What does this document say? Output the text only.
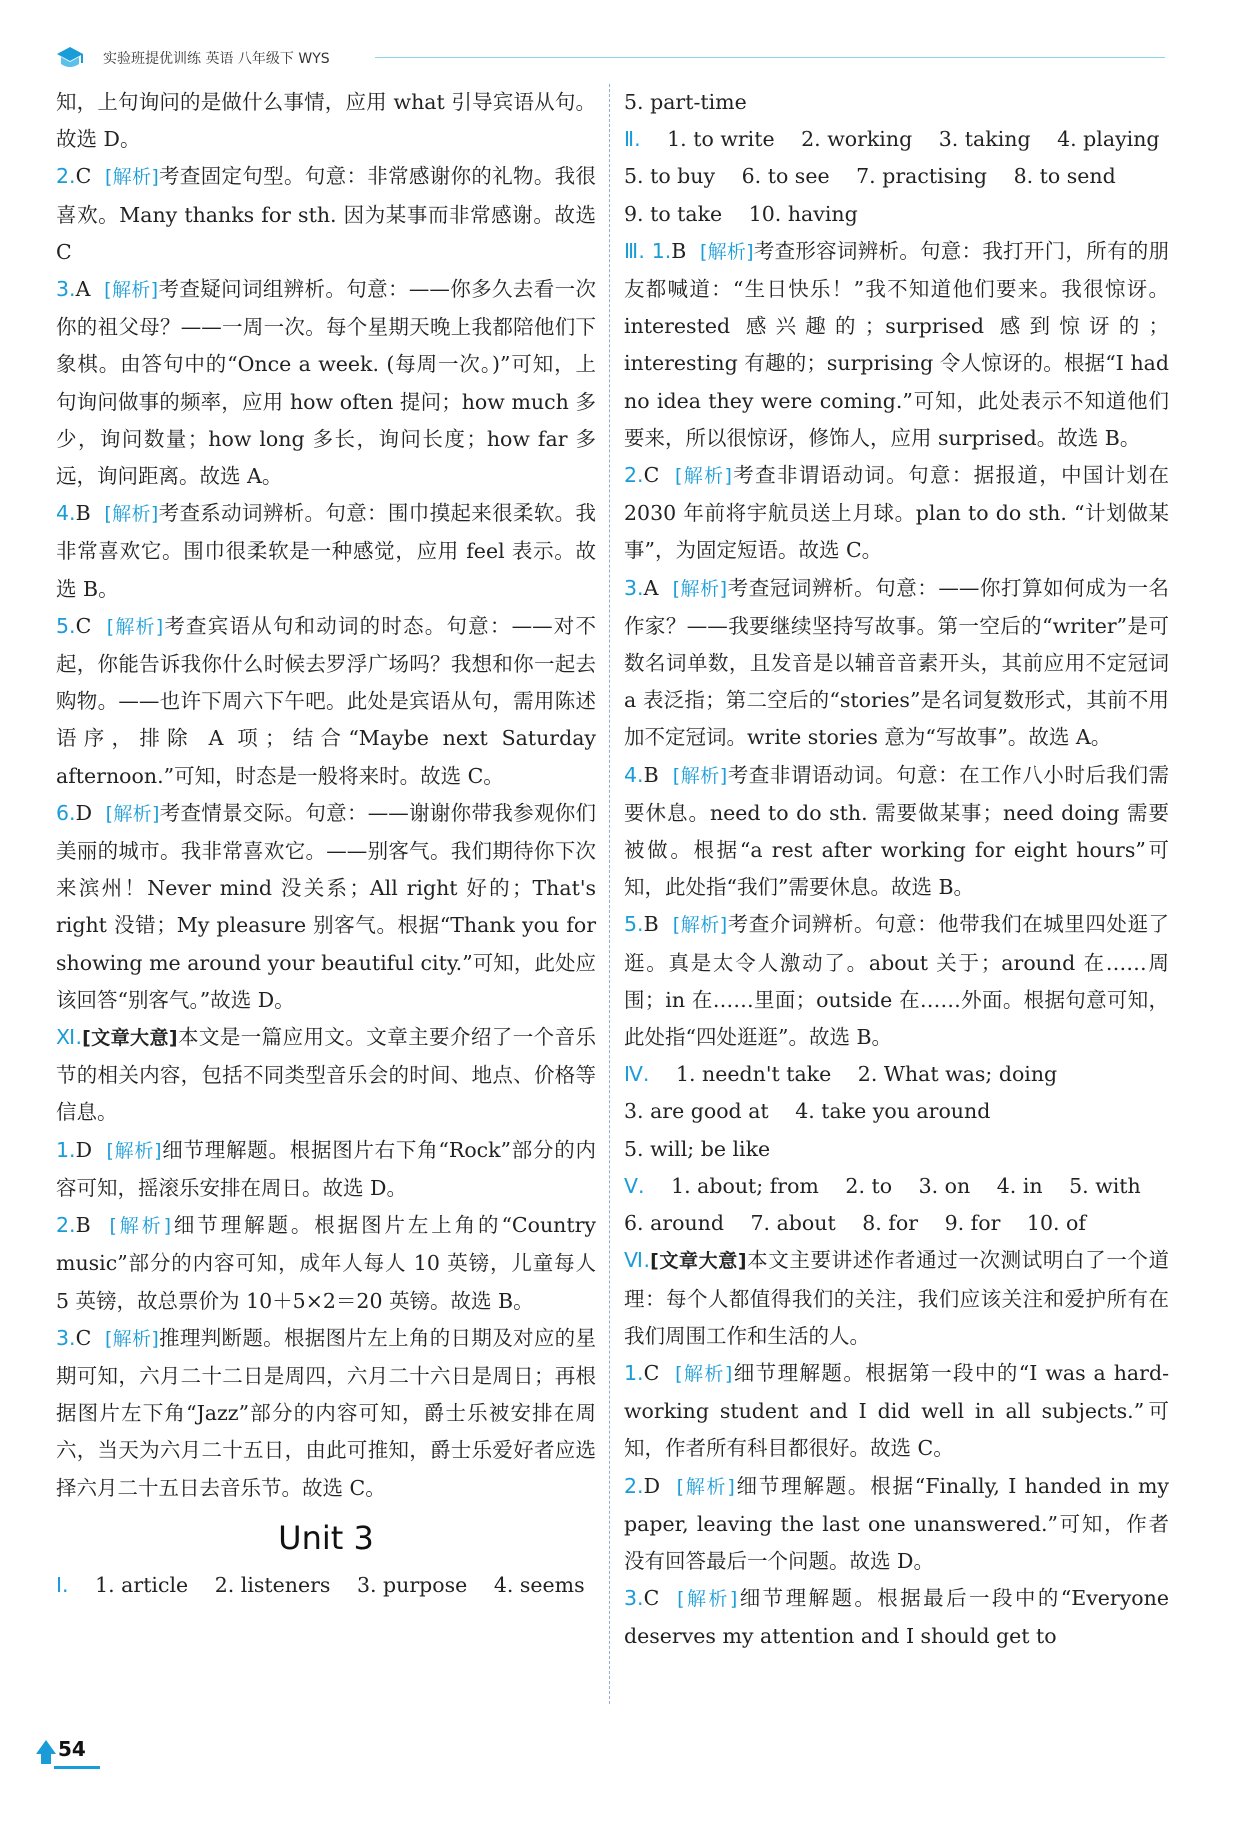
实验班提优训练 英语 八年级下 WYS

知，上句询问的是做什么事情，应用 what 引导宾语从句。故选 D。

2.C [解析]考查固定句型。句意：非常感谢你的礼物。我很喜欢。Many thanks for sth. 因为某事而非常感谢。故选 C

3.A [解析]考查疑问词组辨析。句意：——你多久去看一次你的祖父母？——一周一次。每个星期天晚上我都陪他们下象棋。由答句中的“Once a week. (每周一次。)”可知，上句询问做事的频率，应用 how often 提问；how much 多少，询问数量；how long 多长，询问长度；how far 多远，询问距离。故选 A。

4.B [解析]考查系动词辨析。句意：围巾摸起来很柔软。我非常喜欢它。围巾很柔软是一种感觉，应用 feel 表示。故选 B。

5.C [解析]考查宾语从句和动词的时态。句意：——对不起，你能告诉我你什么时候去罗浮广场吗？我想和你一起去购物。——也许下周六下午吧。此处是宾语从句，需用陈述语序，排除 A 项；结合“Maybe next Saturday afternoon.”可知，时态是一般将来时。故选 C。

6.D [解析]考查情景交际。句意：——谢谢你带我参观你们美丽的城市。我非常喜欢它。——别客气。我们期待你下次来滨州！Never mind 没关系；All right 好的；That's right 没错；My pleasure 别客气。根据“Thank you for showing me around your beautiful city.”可知，此处应该回答“别客气。”故选 D。

Ⅺ.[文章大意]本文是一篇应用文。文章主要介绍了一个音乐节的相关内容，包括不同类型音乐会的时间、地点、价格等信息。

1.D [解析]细节理解题。根据图片右下角“Rock”部分的内容可知，摇滚乐安排在周日。故选 D。

2.B [解析]细节理解题。根据图片左上角的“Country music”部分的内容可知，成年人每人 10 英镑，儿童每人 5 英镑，故总票价为 10＋5×2＝20 英镑。故选 B。

3.C [解析]推理判断题。根据图片左上角的日期及对应的星期可知，六月二十二日是周四，六月二十六日是周日；再根据图片左下角“Jazz”部分的内容可知，爵士乐被安排在周六，当天为六月二十五日，由此可推知，爵士乐爱好者应选择六月二十五日去音乐节。故选 C。

Unit 3
Ⅰ. 1. article 2. listeners 3. purpose 4. seems
5. part-time
Ⅱ. 1. to write 2. working 3. taking 4. playing
5. to buy 6. to see 7. practising 8. to send
9. to take 10. having

Ⅲ. 1.B [解析]考查形容词辨析。句意：我打开门，所有的朋友都喊道：“生日快乐！”我不知道他们要来。我很惊讶。interested 感兴趣的；surprised 感到惊讶的；interesting 有趣的；surprising 令人惊讶的。根据“I had no idea they were coming.”可知，此处表示不知道他们要来，所以很惊讶，修饰人，应用 surprised。故选 B。

2.C [解析]考查非谓语动词。句意：据报道，中国计划在 2030 年前将宇航员送上月球。plan to do sth. “计划做某事”，为固定短语。故选 C。

3.A [解析]考查冠词辨析。句意：——你打算如何成为一名作家？——我要继续坚持写故事。第一空后的“writer”是可数名词单数，且发音是以辅音音素开头，其前应用不定冠词 a 表泛指；第二空后的“stories”是名词复数形式，其前不用加不定冠词。write stories 意为“写故事”。故选 A。

4.B [解析]考查非谓语动词。句意：在工作八小时后我们需要休息。need to do sth. 需要做某事；need doing 需要被做。根据“a rest after working for eight hours”可知，此处指“我们”需要休息。故选 B。

5.B [解析]考查介词辨析。句意：他带我们在城里四处逛了逛。真是太令人激动了。about 关于；around 在……周围；in 在……里面；outside 在……外面。根据句意可知，此处指“四处逛逛”。故选 B。

Ⅳ. 1. needn't take 2. What was; doing
3. are good at 4. take you around
5. will; be like
Ⅴ. 1. about; from 2. to 3. on 4. in 5. with
6. around 7. about 8. for 9. for 10. of

Ⅵ.[文章大意]本文主要讲述作者通过一次测试明白了一个道理：每个人都值得我们的关注，我们应该关注和爱护所有在我们周围工作和生活的人。

1.C [解析]细节理解题。根据第一段中的“I was a hard-working student and I did well in all subjects.”可知，作者所有科目都很好。故选 C。

2.D [解析]细节理解题。根据“Finally, I handed in my paper, leaving the last one unanswered.”可知，作者没有回答最后一个问题。故选 D。

3.C [解析]细节理解题。根据最后一段中的“Everyone deserves my attention and I should get to

54
